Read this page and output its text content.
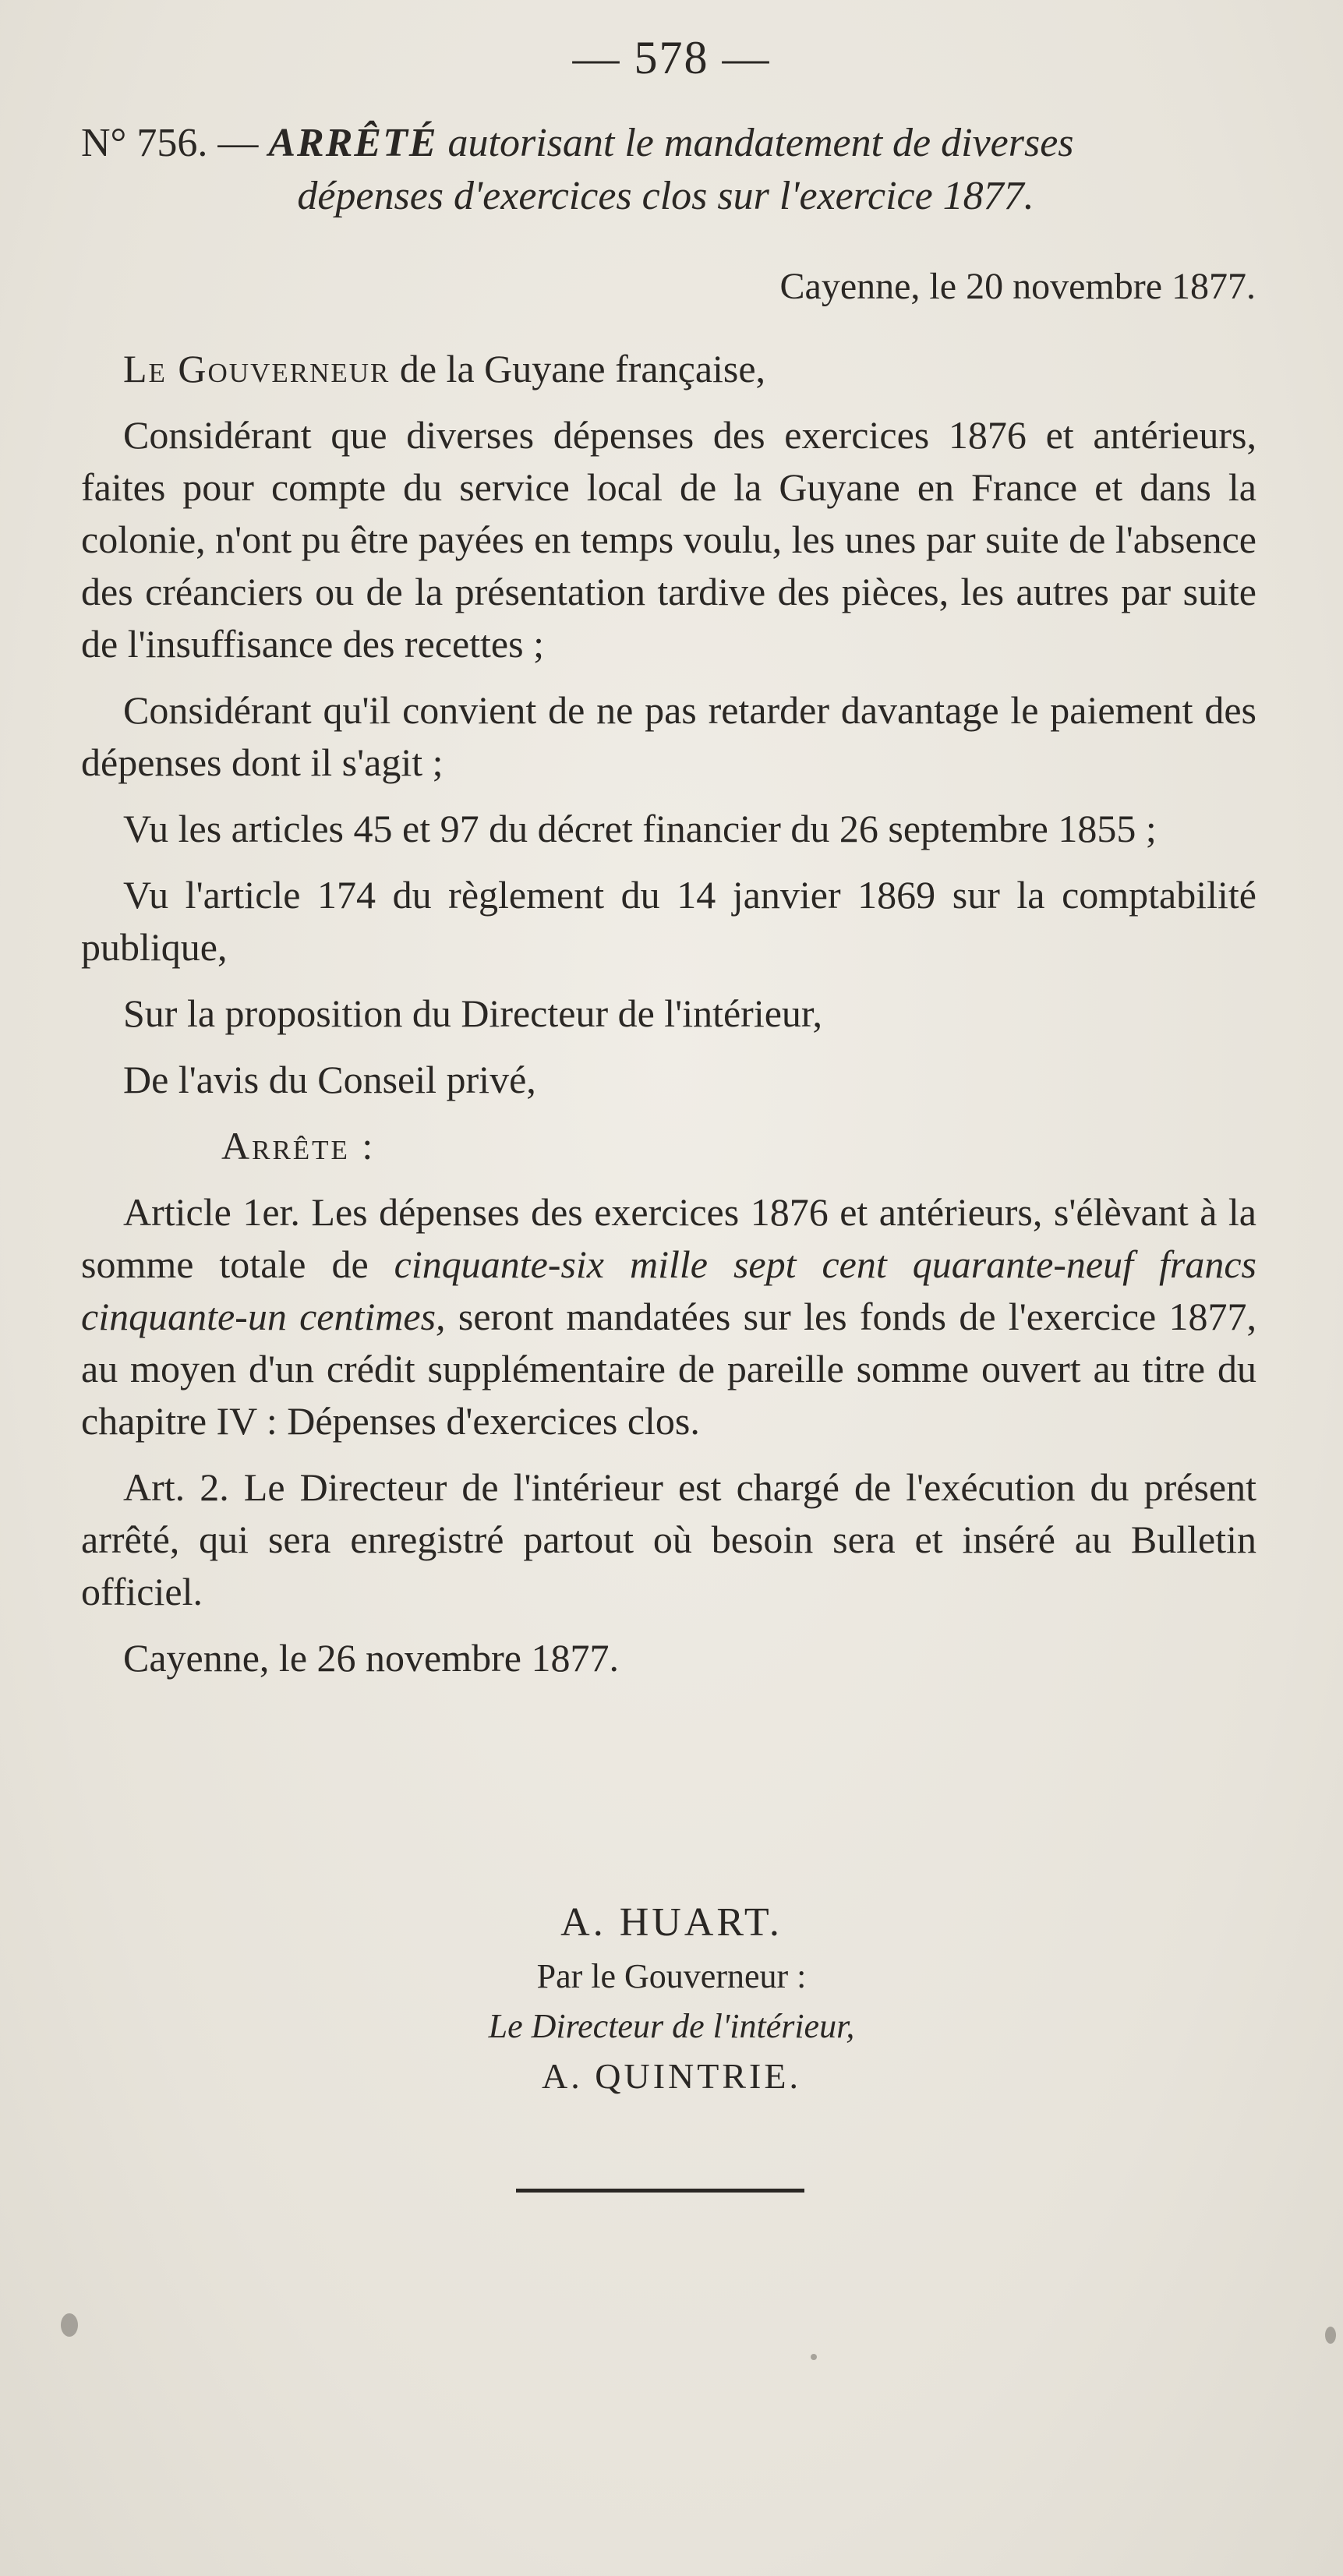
— 578 —
N° 756. — ARRÊTÉ autorisant le mandatement de diverses
dépenses d'exercices clos sur l'exercice 1877.
Cayenne, le 20 novembre 1877.

Le Gouverneur de la Guyane française,

Considérant que diverses dépenses des exercices 1876 et antérieurs, faites pour compte du service local de la Guyane en France et dans la colonie, n'ont pu être payées en temps voulu, les unes par suite de l'absence des créanciers ou de la présentation tardive des pièces, les autres par suite de l'insuffisance des recettes ;

Considérant qu'il convient de ne pas retarder davantage le paiement des dépenses dont il s'agit ;

Vu les articles 45 et 97 du décret financier du 26 septembre 1855 ;

Vu l'article 174 du règlement du 14 janvier 1869 sur la comptabilité publique,

Sur la proposition du Directeur de l'intérieur,

De l'avis du Conseil privé,

Arrête :

Article 1er. Les dépenses des exercices 1876 et antérieurs, s'élèvant à la somme totale de cinquante-six mille sept cent quarante-neuf francs cinquante-un centimes, seront mandatées sur les fonds de l'exercice 1877, au moyen d'un crédit supplémentaire de pareille somme ouvert au titre du chapitre IV : Dépenses d'exercices clos.

Art. 2. Le Directeur de l'intérieur est chargé de l'exécution du présent arrêté, qui sera enregistré partout où besoin sera et inséré au Bulletin officiel.

Cayenne, le 26 novembre 1877.

A. HUART.
Par le Gouverneur :
Le Directeur de l'intérieur,
A. QUINTRIE.
